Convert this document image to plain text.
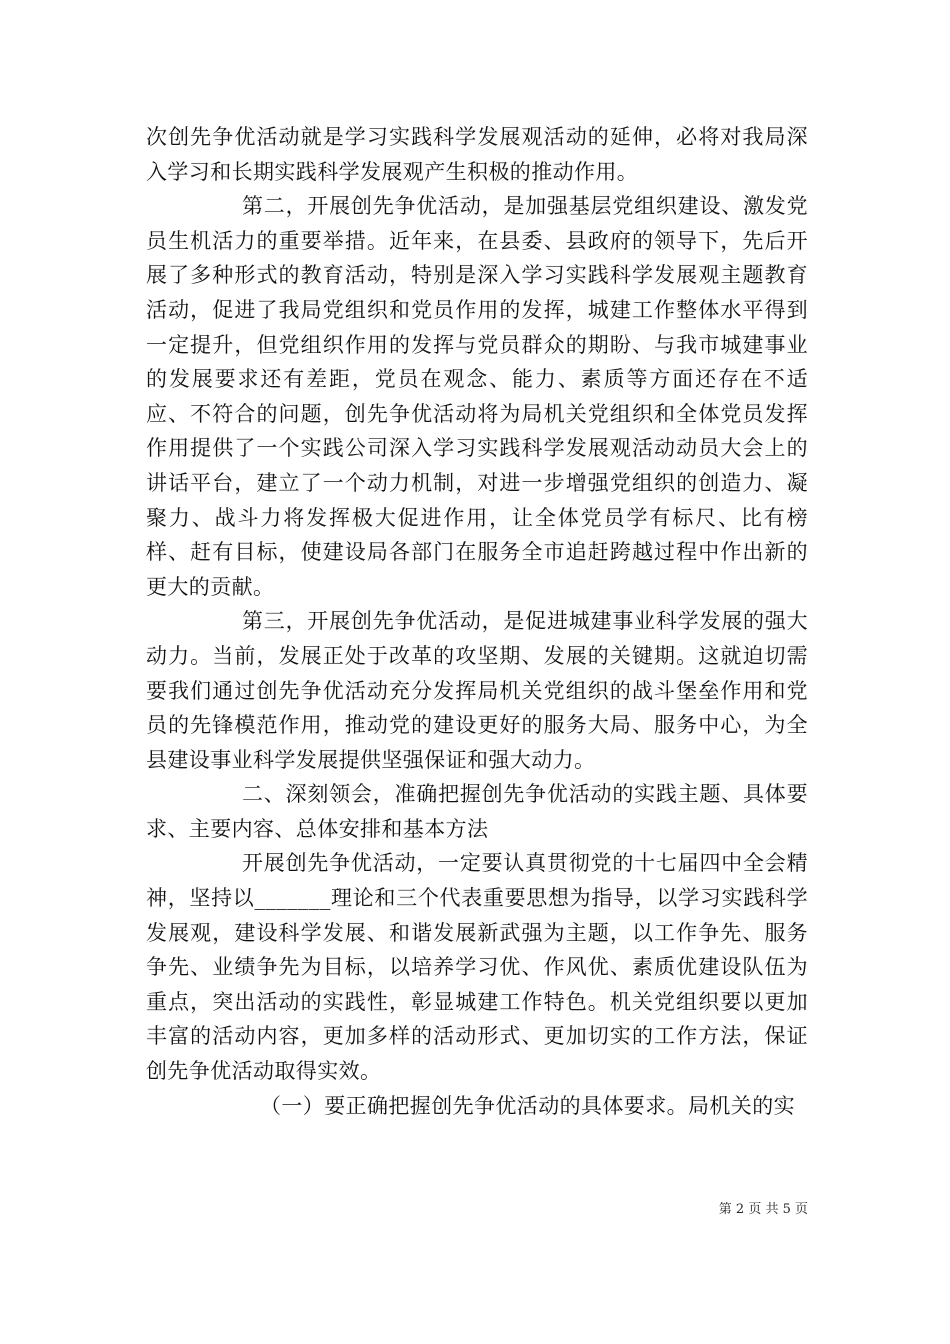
次创先争优活动就是学习实践科学发展观活动的延伸，必将对我局深入学习和长期实践科学发展观产生积极的推动作用。

第二，开展创先争优活动，是加强基层党组织建设、激发党员生机活力的重要举措。近年来，在县委、县政府的领导下，先后开展了多种形式的教育活动，特别是深入学习实践科学发展观主题教育活动，促进了我局党组织和党员作用的发挥，城建工作整体水平得到一定提升，但党组织作用的发挥与党员群众的期盼、与我市城建事业的发展要求还有差距，党员在观念、能力、素质等方面还存在不适应、不符合的问题，创先争优活动将为局机关党组织和全体党员发挥作用提供了一个实践公司深入学习实践科学发展观活动动员大会上的讲话平台，建立了一个动力机制，对进一步增强党组织的创造力、凝聚力、战斗力将发挥极大促进作用，让全体党员学有标尺、比有榜样、赶有目标，使建设局各部门在服务全市追赶跨越过程中作出新的更大的贡献。

第三，开展创先争优活动，是促进城建事业科学发展的强大动力。当前，发展正处于改革的攻坚期、发展的关键期。这就迫切需要我们通过创先争优活动充分发挥局机关党组织的战斗堡垒作用和党员的先锋模范作用，推动党的建设更好的服务大局、服务中心，为全县建设事业科学发展提供坚强保证和强大动力。

二、深刻领会，准确把握创先争优活动的实践主题、具体要求、主要内容、总体安排和基本方法

开展创先争优活动，一定要认真贯彻党的十七届四中全会精神，坚持以_______理论和三个代表重要思想为指导，以学习实践科学发展观，建设科学发展、和谐发展新武强为主题，以工作争先、服务争先、业绩争先为目标，以培养学习优、作风优、素质优建设队伍为重点，突出活动的实践性，彰显城建工作特色。机关党组织要以更加丰富的活动内容，更加多样的活动形式、更加切实的工作方法，保证创先争优活动取得实效。

（一）要正确把握创先争优活动的具体要求。局机关的实

第 2 页 共 5 页
